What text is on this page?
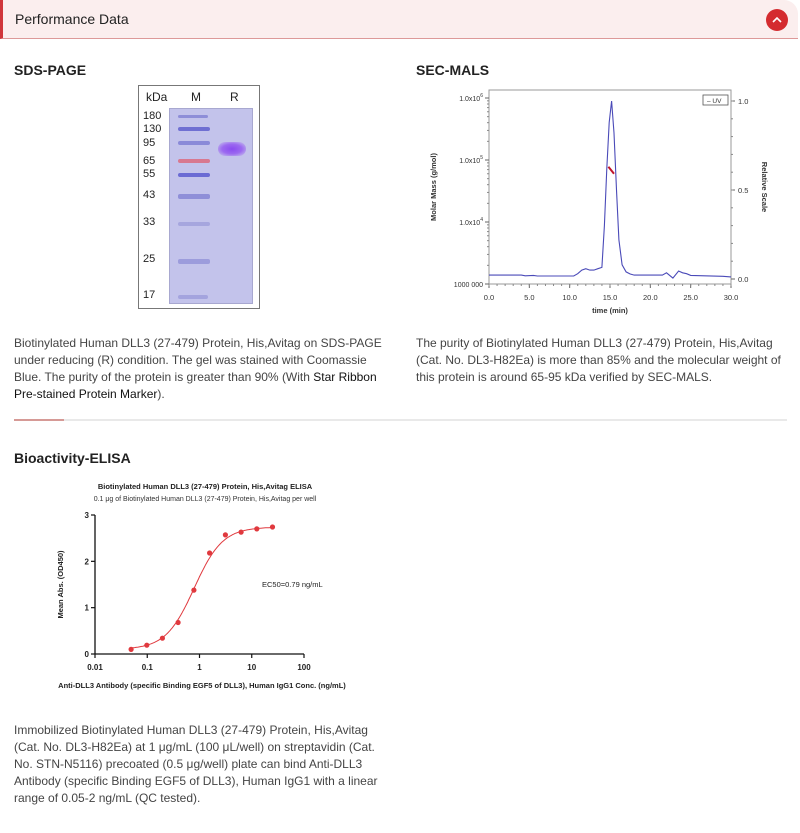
Performance Data
SDS-PAGE
kDa M R
180
130
95
65
55
43
33
25
17

Biotinylated Human DLL3 (27-479) Protein, His,Avitag on SDS-PAGE under reducing (R) condition. The gel was stained with Coomassie Blue. The purity of the protein is greater than 90% (With Star Ribbon Pre-stained Protein Marker).

SEC-MALS
0.0	5.0	10.0	15.0	20.0	25.0	30.0
time (min)
$1.0x10^6$
$1.0x10^5$
$1.0x10^4$
1000 000
Molar Mass (g/mol)
0.0
0.5
1.0
Relative Scale
– UV

The purity of Biotinylated Human DLL3 (27-479) Protein, His,Avitag (Cat. No. DL3-H82Ea) is more than 85% and the molecular weight of this protein is around 65-95 kDa verified by SEC-MALS.

Bioactivity-ELISA
Biotinylated Human DLL3 (27-479) Protein, His,Avitag ELISA
0.1 μg of Biotinylated Human DLL3 (27-479) Protein, His,Avitag per well
0
1
2
3
0.01	0.1	1	10	100
Mean Abs. (OD450)
Anti-DLL3 Antibody (specific Binding EGF5 of DLL3), Human IgG1 Conc. (ng/mL)
EC50=0.79 ng/mL

Immobilized Biotinylated Human DLL3 (27-479) Protein, His,Avitag (Cat. No. DL3-H82Ea) at 1 μg/mL (100 μL/well) on streptavidin (Cat. No. STN-N5116) precoated (0.5 μg/well) plate can bind Anti-DLL3 Antibody (specific Binding EGF5 of DLL3), Human IgG1 with a linear range of 0.05-2 ng/mL (QC tested).
